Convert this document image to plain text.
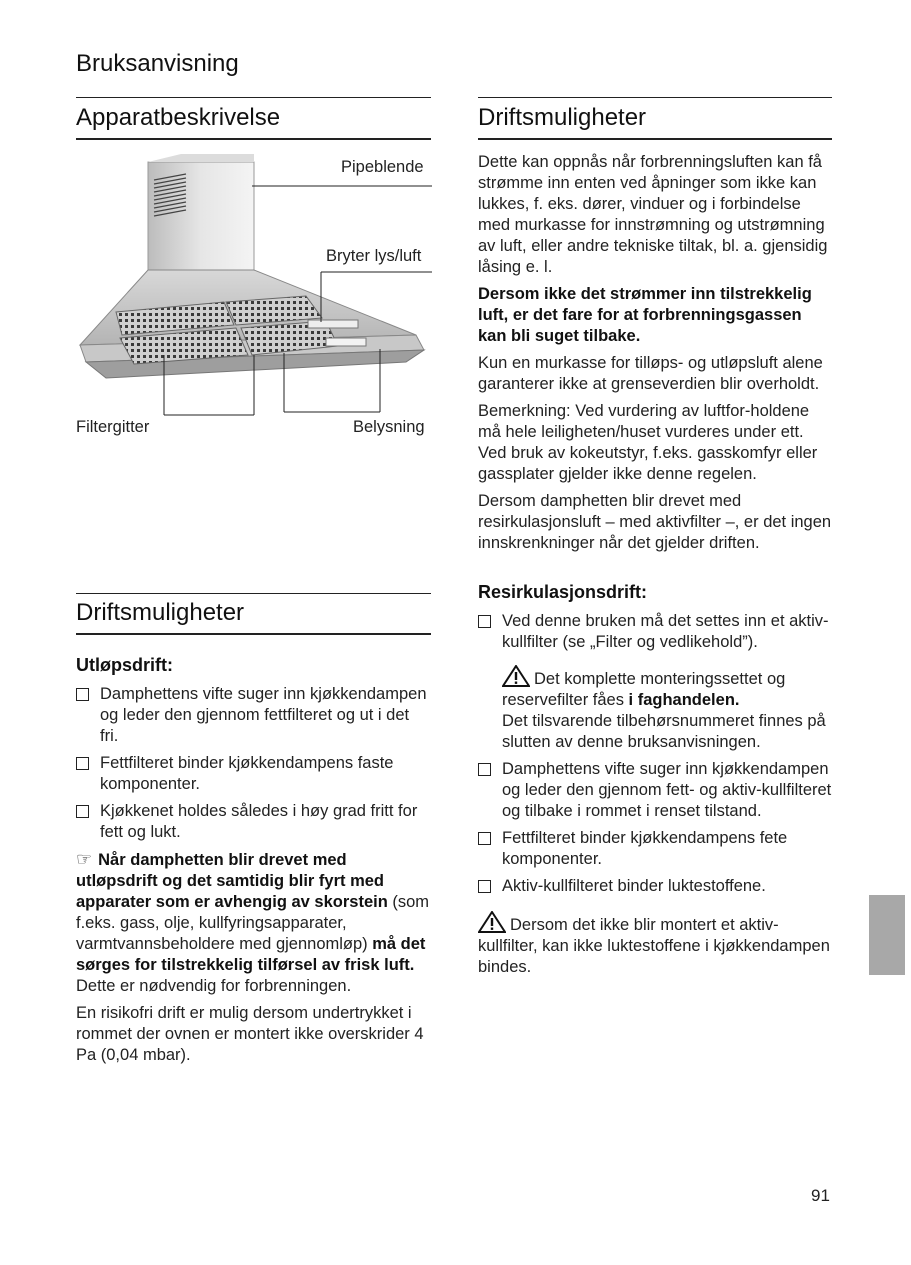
Bruksanvisning
Apparatbeskrivelse
Pipeblende
Bryter lys/luft
Filtergitter	Belysning
Driftsmuligheter
Utløpsdrift:
Damphettens vifte suger inn kjøkkendampen og leder den gjennom fettfilteret og ut i det fri.
Fettfilteret binder kjøkkendampens faste komponenter.
Kjøkkenet holdes således i høy grad fritt for fett og lukt.

☞ Når damphetten blir drevet med utløpsdrift og det samtidig blir fyrt med apparater som er avhengig av skorstein (som f.eks. gass, olje, kullfyringsapparater, varmtvannsbeholdere med gjennomløp) må det sørges for tilstrekkelig tilførsel av frisk luft. Dette er nødvendig for forbrenningen.

En risikofri drift er mulig dersom undertrykket i rommet der ovnen er montert ikke overskrider 4 Pa (0,04 mbar).

Driftsmuligheter

Dette kan oppnås når forbrenningsluften kan få strømme inn enten ved åpninger som ikke kan lukkes, f. eks. dører, vinduer og i forbindelse med murkasse for innstrømning og utstrømning av luft, eller andre tekniske tiltak, bl. a. gjensidig låsing e. l.

Dersom ikke det strømmer inn tilstrekkelig luft, er det fare for at forbrenningsgassen kan bli suget tilbake.

Kun en murkasse for tilløps- og utløpsluft alene garanterer ikke at grenseverdien blir overholdt.

Bemerkning: Ved vurdering av luftfor-holdene må hele leiligheten/huset vurderes under ett. Ved bruk av kokeutstyr, f.eks. gasskomfyr eller gassplater gjelder ikke denne regelen.

Dersom damphetten blir drevet med resirkulasjonsluft – med aktivfilter –, er det ingen innskrenkninger når det gjelder driften.

Resirkulasjonsdrift:
Ved denne bruken må det settes inn et aktiv-kullfilter (se „Filter og vedlikehold”).
Det komplette monteringssettet og reservefilter fåes i faghandelen.
Det tilsvarende tilbehørsnummeret finnes på slutten av denne bruksanvisningen.
Damphettens vifte suger inn kjøkkendampen og leder den gjennom fett- og aktiv-kullfilteret og tilbake i rommet i renset tilstand.
Fettfilteret binder kjøkkendampens fete komponenter.
Aktiv-kullfilteret binder luktestoffene.
Dersom det ikke blir montert et aktiv-kullfilter, kan ikke luktestoffene i kjøkkendampen bindes.
91
